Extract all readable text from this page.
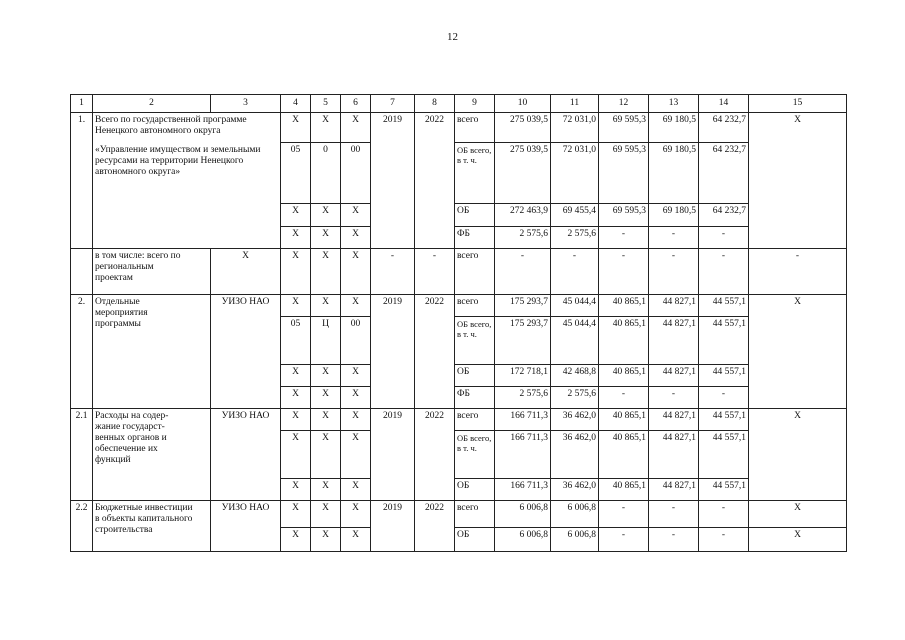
12
1	2	3	4	5	6	7	8	9	10	11	12	13	14	15
1.	Всего по государственной программе Ненецкого автономного округа		Х	Х	Х	2019	2022	всего	275 039,5	72 031,0	69 595,3	69 180,5	64 232,7	Х
	«Управление имуществом и земельными ресурсами на территории Ненецкого автономного округа»		05	0	00			ОБ всего, в т. ч.	275 039,5	72 031,0	69 595,3	69 180,5	64 232,7	
			Х	Х	Х			ОБ	272 463,9	69 455,4	69 595,3	69 180,5	64 232,7	
			Х	Х	Х			ФБ	2 575,6	2 575,6	-	-	-	
	в том числе: всего по региональным проектам	Х	Х	Х	Х	-	-	всего	-	-	-	-	-	-
2.	Отдельные мероприятия программы	УИЗО НАО	Х	Х	Х	2019	2022	всего	175 293,7	45 044,4	40 865,1	44 827,1	44 557,1	Х
			05	Ц	00			ОБ всего, в т. ч.	175 293,7	45 044,4	40 865,1	44 827,1	44 557,1	
			Х	Х	Х			ОБ	172 718,1	42 468,8	40 865,1	44 827,1	44 557,1	
			Х	Х	Х			ФБ	2 575,6	2 575,6	-	-	-	
2.1	Расходы на содер- жание государст- венных органов и обеспечение их функций	УИЗО НАО	Х	Х	Х	2019	2022	всего	166 711,3	36 462,0	40 865,1	44 827,1	44 557,1	Х
			Х	Х	Х			ОБ всего, в т. ч.	166 711,3	36 462,0	40 865,1	44 827,1	44 557,1	
			Х	Х	Х			ОБ	166 711,3	36 462,0	40 865,1	44 827,1	44 557,1	
2.2	Бюджетные инвестиции в объекты капитального строительства	УИЗО НАО	Х	Х	Х	2019	2022	всего	6 006,8	6 006,8	-	-	-	Х
			Х	Х	Х			ОБ	6 006,8	6 006,8	-	-	-	Х
